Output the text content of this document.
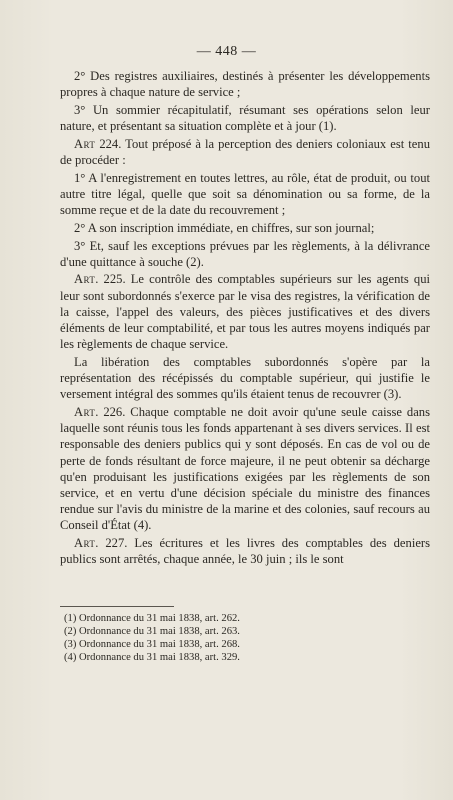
— 448 —

2° Des registres auxiliaires, destinés à présenter les développements propres à chaque nature de service ;

3° Un sommier récapitulatif, résumant ses opérations selon leur nature, et présentant sa situation complète et à jour (1).

Art 224. Tout préposé à la perception des deniers coloniaux est tenu de procéder :

1° A l'enregistrement en toutes lettres, au rôle, état de produit, ou tout autre titre légal, quelle que soit sa dénomination ou sa forme, de la somme reçue et de la date du recouvrement ;

2° A son inscription immédiate, en chiffres, sur son journal;

3° Et, sauf les exceptions prévues par les règlements, à la délivrance d'une quittance à souche (2).

Art. 225. Le contrôle des comptables supérieurs sur les agents qui leur sont subordonnés s'exerce par le visa des registres, la vérification de la caisse, l'appel des valeurs, des pièces justificatives et des divers éléments de leur comptabilité, et par tous les autres moyens indiqués par les règlements de chaque service.

La libération des comptables subordonnés s'opère par la représentation des récépissés du comptable supérieur, qui justifie le versement intégral des sommes qu'ils étaient tenus de recouvrer (3).

Art. 226. Chaque comptable ne doit avoir qu'une seule caisse dans laquelle sont réunis tous les fonds appartenant à ses divers services. Il est responsable des deniers publics qui y sont déposés. En cas de vol ou de perte de fonds résultant de force majeure, il ne peut obtenir sa décharge qu'en produisant les justifications exigées par les règlements de son service, et en vertu d'une décision spéciale du ministre des finances rendue sur l'avis du ministre de la marine et des colonies, sauf recours au Conseil d'État (4).

Art. 227. Les écritures et les livres des comptables des deniers publics sont arrêtés, chaque année, le 30 juin ; ils le sont

(1) Ordonnance du 31 mai 1838, art. 262.
(2) Ordonnance du 31 mai 1838, art. 263.
(3) Ordonnance du 31 mai 1838, art. 268.
(4) Ordonnance du 31 mai 1838, art. 329.
